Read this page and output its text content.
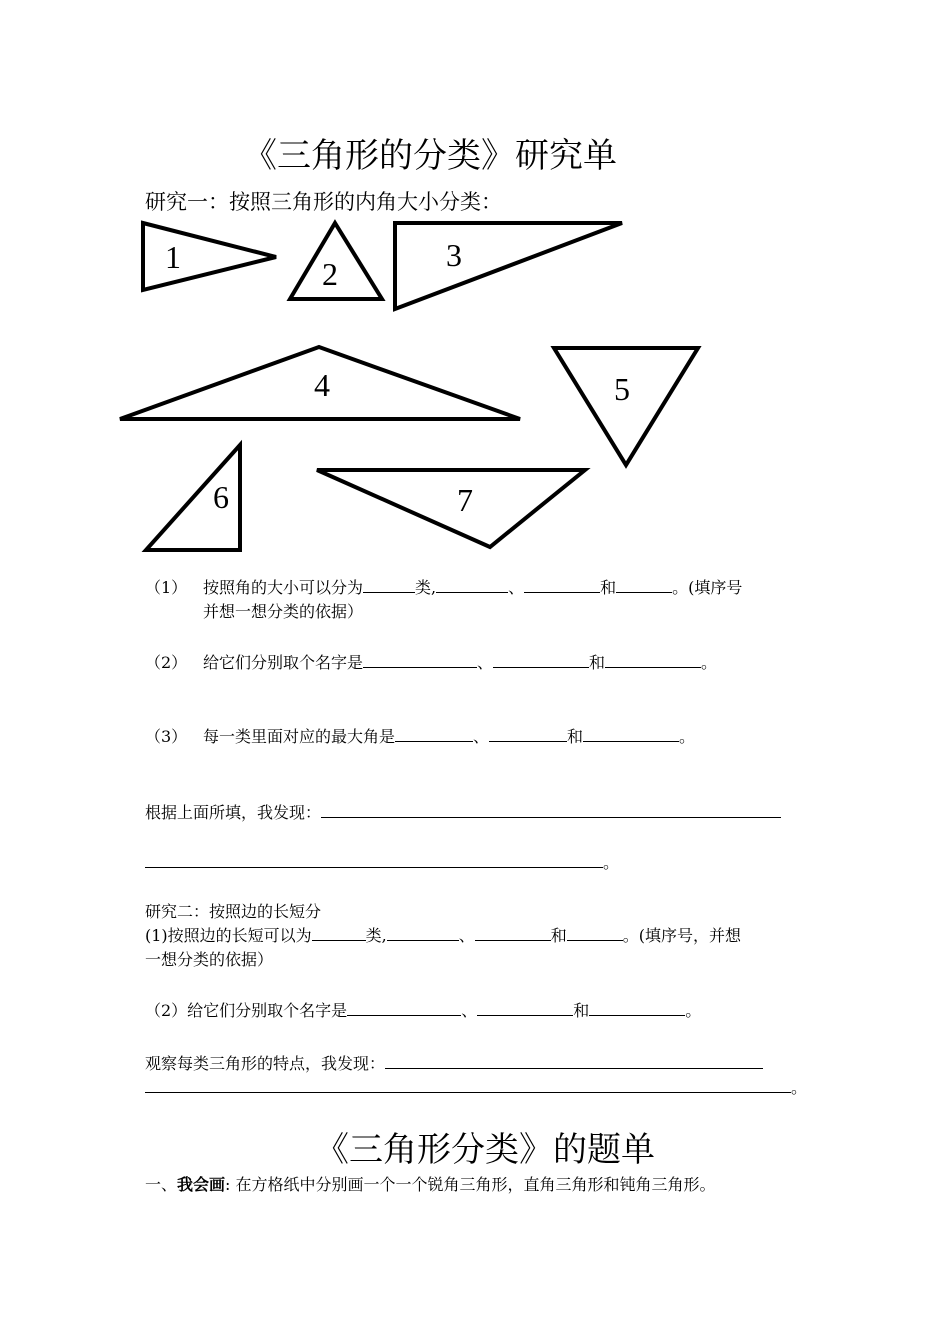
《三角形的分类》研究单
研究一：按照三角形的内角大小分类：
1	2
3
4	5
6	7
（1） 按照角的大小可以分为	类,	、	和	。(填序号
并想一想分类的依据）
（2） 给它们分别取个名字是	、	和	。
（3） 每一类里面对应的最大角是	、	和	。
根据上面所填，我发现：
。
研究二：按照边的长短分
(1)按照边的长短可以为	类,	、	和	。(填序号，并想
一想分类的依据）
（2）给它们分别取个名字是	、	和	。
观察每类三角形的特点，我发现：
。
《三角形分类》的题单
一、我会画: 在方格纸中分别画一个一个锐角三角形，直角三角形和钝角三角形。
